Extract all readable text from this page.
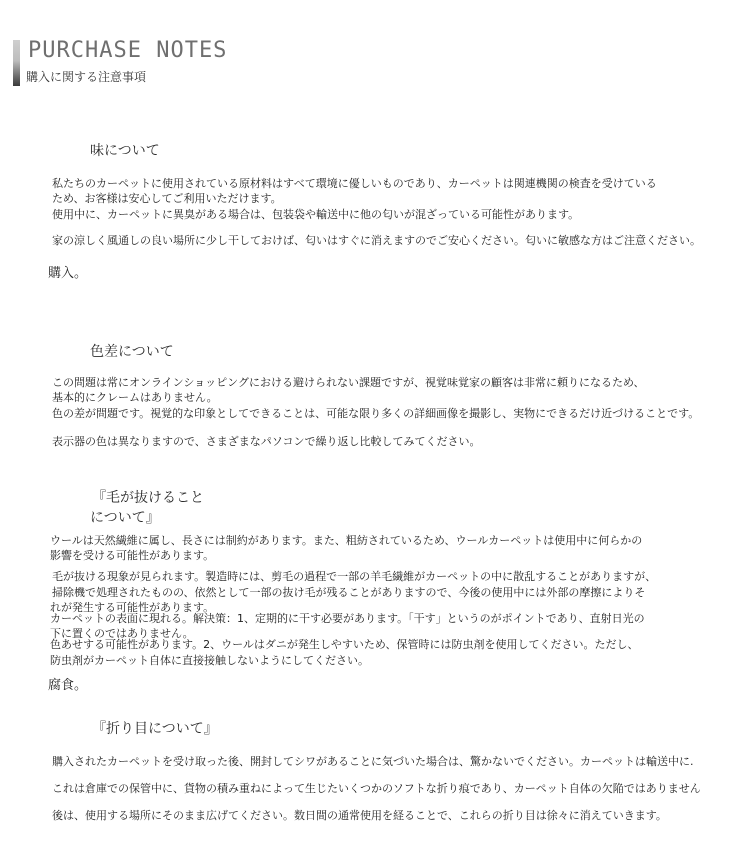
PURCHASE NOTES
購入に関する注意事項
味について
私たちのカーペットに使用されている原材料はすべて環境に優しいものであり、カーペットは関連機関の検査を受けている
ため、お客様は安心してご利用いただけます。
使用中に、カーペットに異臭がある場合は、包装袋や輸送中に他の匂いが混ざっている可能性があります。
家の涼しく風通しの良い場所に少し干しておけば、匂いはすぐに消えますのでご安心ください。匂いに敏感な方はご注意ください。
購入。
色差について
この問題は常にオンラインショッピングにおける避けられない課題ですが、視覚味覚家の顧客は非常に頼りになるため、
基本的にクレームはありません。
色の差が問題です。視覚的な印象としてできることは、可能な限り多くの詳細画像を撮影し、実物にできるだけ近づけることです。
表示器の色は異なりますので、さまざまなパソコンで繰り返し比較してみてください。
『毛が抜けること
について』
ウールは天然繊維に属し、長さには制約があります。また、粗紡されているため、ウールカーペットは使用中に何らかの
影響を受ける可能性があります。
毛が抜ける現象が見られます。製造時には、剪毛の過程で一部の羊毛繊維がカーペットの中に散乱することがありますが、
掃除機で処理されたものの、依然として一部の抜け毛が残ることがありますので、今後の使用中には外部の摩擦によりそ
れが発生する可能性があります。
カーペットの表面に現れる。解決策：1、定期的に干す必要があります。「干す」というのがポイントであり、直射日光の
下に置くのではありません。
色あせする可能性があります。2、ウールはダニが発生しやすいため、保管時には防虫剤を使用してください。ただし、
防虫剤がカーペット自体に直接接触しないようにしてください。
腐食。
『折り目について』
購入されたカーペットを受け取った後、開封してシワがあることに気づいた場合は、驚かないでください。カーペットは輸送中に.
これは倉庫での保管中に、貨物の積み重ねによって生じたいくつかのソフトな折り痕であり、カーペット自体の欠陥ではありません
後は、使用する場所にそのまま広げてください。数日間の通常使用を経ることで、これらの折り目は徐々に消えていきます。
